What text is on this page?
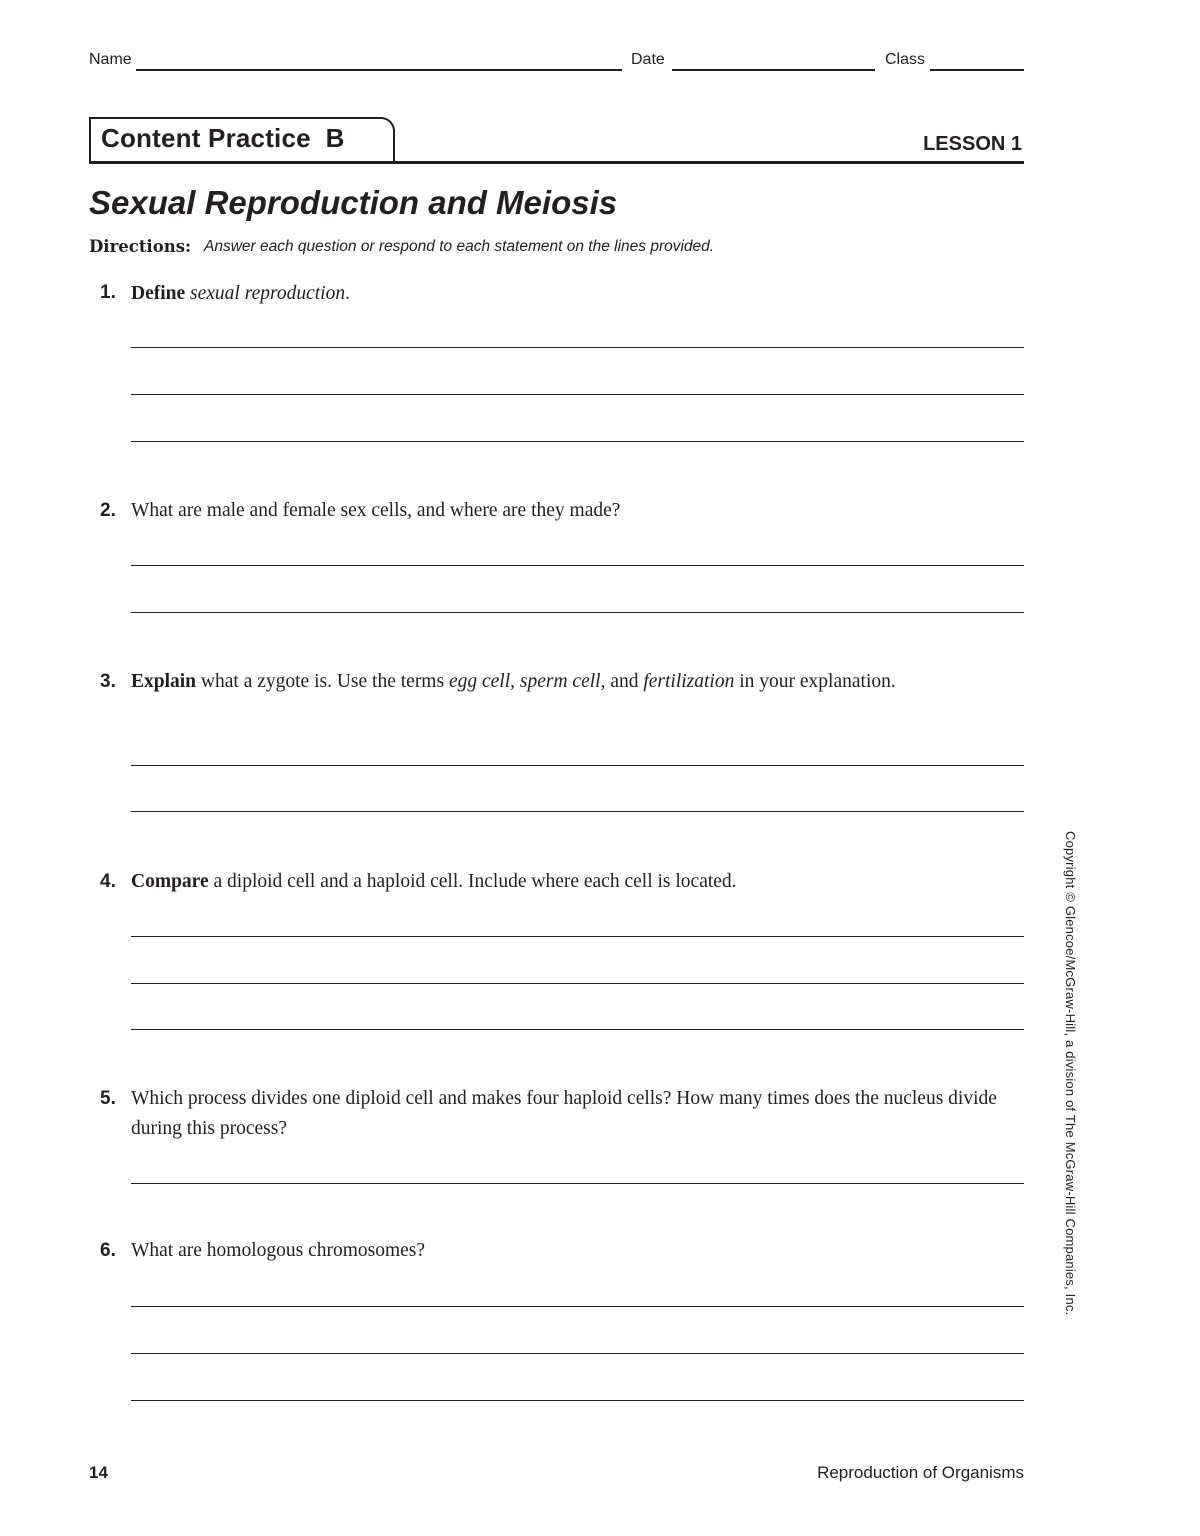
Name	Date	Class
Content Practice  B	LESSON 1
Sexual Reproduction and Meiosis
Directions: Answer each question or respond to each statement on the lines provided.
1. Define sexual reproduction.
2. What are male and female sex cells, and where are they made?
3. Explain what a zygote is. Use the terms egg cell, sperm cell, and fertilization in your explanation.
4. Compare a diploid cell and a haploid cell. Include where each cell is located.
5. Which process divides one diploid cell and makes four haploid cells? How many times does the nucleus divide during this process?
6. What are homologous chromosomes?	Copyright © Glencoe/McGraw-Hill, a division of The McGraw-Hill Companies, Inc.
14	Reproduction of Organisms
